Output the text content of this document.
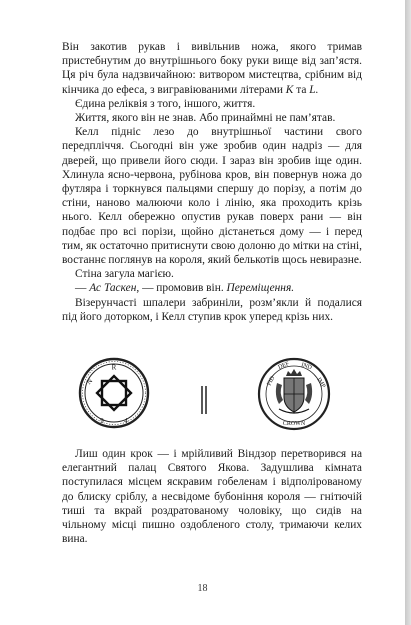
Він закотив рукав і вивільнив ножа, якого тримав пристебнутим до внутрішнього боку руки вище від зап’ястя. Ця річ була надзвичайною: витвором мистецтва, срібним від кінчика до ефеса, з вигравіюваними літерами K та L.

Єдина реліквія з того, іншого, життя.

Життя, якого він не знав. Або принаймні не пам’ятав.

Келл підніс лезо до внутрішньої частини свого передпліччя. Сьогодні він уже зробив один надріз — для дверей, що привели його сюди. І зараз він зробив іще один. Хлинула ясно-червона, рубінова кров, він повернув ножа до футляра і торкнувся пальцями спершу до порізу, а потім до стіни, наново малюючи коло і лінію, яка проходить крізь нього. Келл обережно опустив рукав поверх рани — він подбає про всі порізи, щойно дістанеться дому — і перед тим, як остаточно притиснути свою долоню до мітки на стіні, востаннє поглянув на короля, який белькотів щось невиразне.

Стіна загула магією.

— Ас Таскен, — промовив він. Переміщення.

Візерунчасті шпалери забриніли, розм’якли й подалися під його доторком, і Келл ступив крок уперед крізь них.

R
N
9	4
FID
DEF IND
IMP
CROWN

Лиш один крок — і мрійливий Віндзор перетворився на елегантний палац Святого Якова. Задушлива кімната поступилася місцем яскравим гобеленам і відполірованому до блиску сріблу, а несвідоме бубоніння короля — гнітючій тиші та вкрай роздратованому чоловіку, що сидів на чільному місці пишно оздобленого столу, тримаючи келих вина.

18
